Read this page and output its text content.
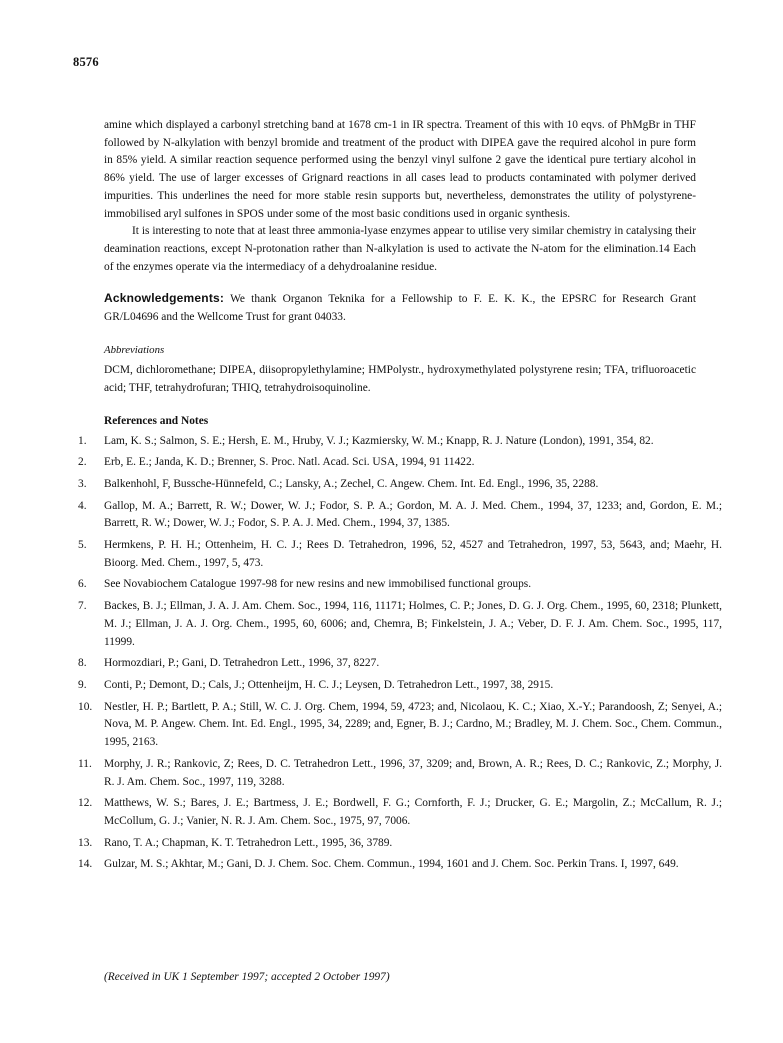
8576

amine which displayed a carbonyl stretching band at 1678 cm-1 in IR spectra. Treament of this with 10 eqvs. of PhMgBr in THF followed by N-alkylation with benzyl bromide and treatment of the product with DIPEA gave the required alcohol in pure form in 85% yield. A similar reaction sequence performed using the benzyl vinyl sulfone 2 gave the identical pure tertiary alcohol in 86% yield. The use of larger excesses of Grignard reactions in all cases lead to products contaminated with polymer derived impurities. This underlines the need for more stable resin supports but, nevertheless, demonstrates the utility of polystyrene-immobilised aryl sulfones in SPOS under some of the most basic conditions used in organic synthesis.

It is interesting to note that at least three ammonia-lyase enzymes appear to utilise very similar chemistry in catalysing their deamination reactions, except N-protonation rather than N-alkylation is used to activate the N-atom for the elimination.14 Each of the enzymes operate via the intermediacy of a dehydroalanine residue.

Acknowledgements: We thank Organon Teknika for a Fellowship to F. E. K. K., the EPSRC for Research Grant GR/L04696 and the Wellcome Trust for grant 04033.

Abbreviations

DCM, dichloromethane; DIPEA, diisopropylethylamine; HMPolystr., hydroxymethylated polystyrene resin; TFA, trifluoroacetic acid; THF, tetrahydrofuran; THIQ, tetrahydroisoquinoline.

References and Notes
1.	Lam, K. S.; Salmon, S. E.; Hersh, E. M., Hruby, V. J.; Kazmiersky, W. M.; Knapp, R. J. Nature (London), 1991, 354, 82.
2.	Erb, E. E.; Janda, K. D.; Brenner, S. Proc. Natl. Acad. Sci. USA, 1994, 91 11422.
3.	Balkenhohl, F, Bussche-Hünnefeld, C.; Lansky, A.; Zechel, C. Angew. Chem. Int. Ed. Engl., 1996, 35, 2288.
4.	Gallop, M. A.; Barrett, R. W.; Dower, W. J.; Fodor, S. P. A.; Gordon, M. A. J. Med. Chem., 1994, 37, 1233; and, Gordon, E. M.; Barrett, R. W.; Dower, W. J.; Fodor, S. P. A. J. Med. Chem., 1994, 37, 1385.
5.	Hermkens, P. H. H.; Ottenheim, H. C. J.; Rees D. Tetrahedron, 1996, 52, 4527 and Tetrahedron, 1997, 53, 5643, and; Maehr, H. Bioorg. Med. Chem., 1997, 5, 473.
6.	See Novabiochem Catalogue 1997-98 for new resins and new immobilised functional groups.
7.	Backes, B. J.; Ellman, J. A. J. Am. Chem. Soc., 1994, 116, 11171; Holmes, C. P.; Jones, D. G. J. Org. Chem., 1995, 60, 2318; Plunkett, M. J.; Ellman, J. A. J. Org. Chem., 1995, 60, 6006; and, Chemra, B; Finkelstein, J. A.; Veber, D. F. J. Am. Chem. Soc., 1995, 117, 11999.
8.	Hormozdiari, P.; Gani, D. Tetrahedron Lett., 1996, 37, 8227.
9.	Conti, P.; Demont, D.; Cals, J.; Ottenheijm, H. C. J.; Leysen, D. Tetrahedron Lett., 1997, 38, 2915.
10.	Nestler, H. P.; Bartlett, P. A.; Still, W. C. J. Org. Chem, 1994, 59, 4723; and, Nicolaou, K. C.; Xiao, X.-Y.; Parandoosh, Z; Senyei, A.; Nova, M. P. Angew. Chem. Int. Ed. Engl., 1995, 34, 2289; and, Egner, B. J.; Cardno, M.; Bradley, M. J. Chem. Soc., Chem. Commun., 1995, 2163.
11.	Morphy, J. R.; Rankovic, Z; Rees, D. C. Tetrahedron Lett., 1996, 37, 3209; and, Brown, A. R.; Rees, D. C.; Rankovic, Z.; Morphy, J. R. J. Am. Chem. Soc., 1997, 119, 3288.
12.	Matthews, W. S.; Bares, J. E.; Bartmess, J. E.; Bordwell, F. G.; Cornforth, F. J.; Drucker, G. E.; Margolin, Z.; McCallum, R. J.; McCollum, G. J.; Vanier, N. R. J. Am. Chem. Soc., 1975, 97, 7006.
13.	Rano, T. A.; Chapman, K. T. Tetrahedron Lett., 1995, 36, 3789.
14.	Gulzar, M. S.; Akhtar, M.; Gani, D. J. Chem. Soc. Chem. Commun., 1994, 1601 and J. Chem. Soc. Perkin Trans. I, 1997, 649.
(Received in UK 1 September 1997; accepted 2 October 1997)
